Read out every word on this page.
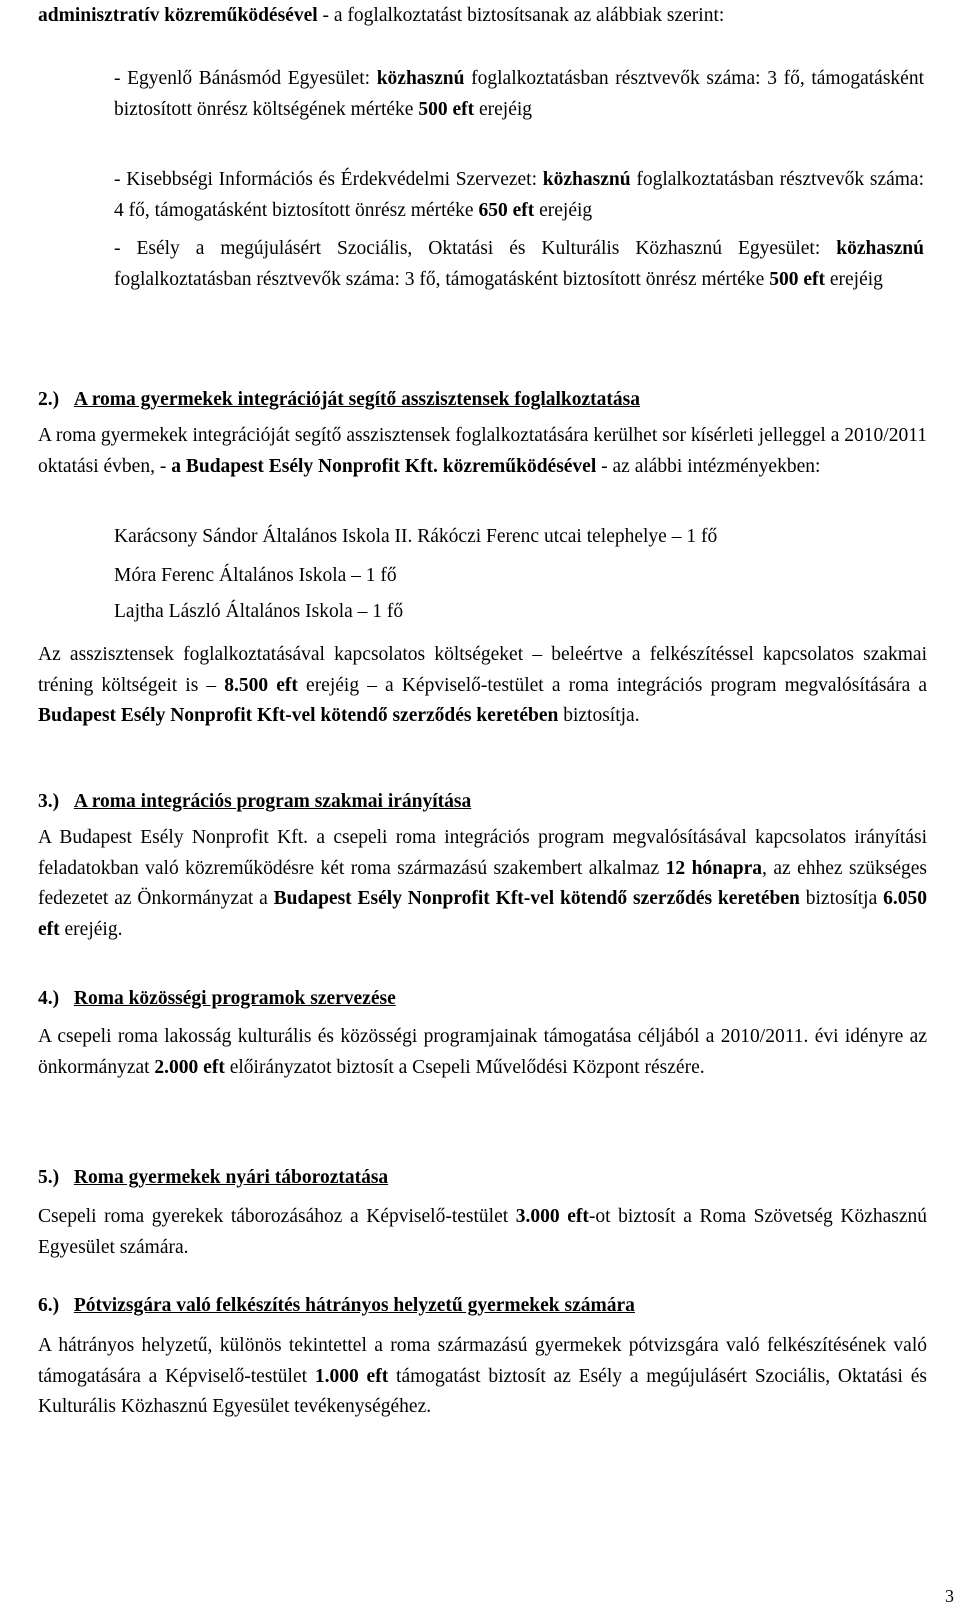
adminisztratív közreműködésével - a foglalkoztatást biztosítsanak az alábbiak szerint:

- Egyenlő Bánásmód Egyesület: közhasznú foglalkoztatásban résztvevők száma: 3 fő, támogatásként biztosított önrész költségének mértéke 500 eft erejéig

- Kisebbségi Információs és Érdekvédelmi Szervezet: közhasznú foglalkoztatásban résztvevők száma: 4 fő, támogatásként biztosított önrész mértéke 650 eft erejéig

- Esély a megújulásért Szociális, Oktatási és Kulturális Közhasznú Egyesület: közhasznú foglalkoztatásban résztvevők száma: 3 fő, támogatásként biztosított önrész mértéke 500 eft erejéig

2.) A roma gyermekek integrációját segítő asszisztensek foglalkoztatása

A roma gyermekek integrációját segítő asszisztensek foglalkoztatására kerülhet sor kísérleti jelleggel a 2010/2011 oktatási évben, - a Budapest Esély Nonprofit Kft. közreműködésével - az alábbi intézményekben:

Karácsony Sándor Általános Iskola II. Rákóczi Ferenc utcai telephelye – 1 fő
Móra Ferenc Általános Iskola – 1 fő
Lajtha László Általános Iskola – 1 fő

Az asszisztensek foglalkoztatásával kapcsolatos költségeket – beleértve a felkészítéssel kapcsolatos szakmai tréning költségeit is – 8.500 eft erejéig – a Képviselő-testület a roma integrációs program megvalósítására a Budapest Esély Nonprofit Kft-vel kötendő szerződés keretében biztosítja.

3.) A roma integrációs program szakmai irányítása

A Budapest Esély Nonprofit Kft. a csepeli roma integrációs program megvalósításával kapcsolatos irányítási feladatokban való közreműködésre két roma származású szakembert alkalmaz 12 hónapra, az ehhez szükséges fedezetet az Önkormányzat a Budapest Esély Nonprofit Kft-vel kötendő szerződés keretében biztosítja 6.050 eft erejéig.

4.) Roma közösségi programok szervezése

A csepeli roma lakosság kulturális és közösségi programjainak támogatása céljából a 2010/2011. évi idényre az önkormányzat 2.000 eft előirányzatot biztosít a Csepeli Művelődési Központ részére.

5.) Roma gyermekek nyári táboroztatása

Csepeli roma gyerekek táborozásához a Képviselő-testület 3.000 eft-ot biztosít a Roma Szövetség Közhasznú Egyesület számára.

6.) Pótvizsgára való felkészítés hátrányos helyzetű gyermekek számára

A hátrányos helyzetű, különös tekintettel a roma származású gyermekek pótvizsgára való felkészítésének való támogatására a Képviselő-testület 1.000 eft támogatást biztosít az Esély a megújulásért Szociális, Oktatási és Kulturális Közhasznú Egyesület tevékenységéhez.

3
